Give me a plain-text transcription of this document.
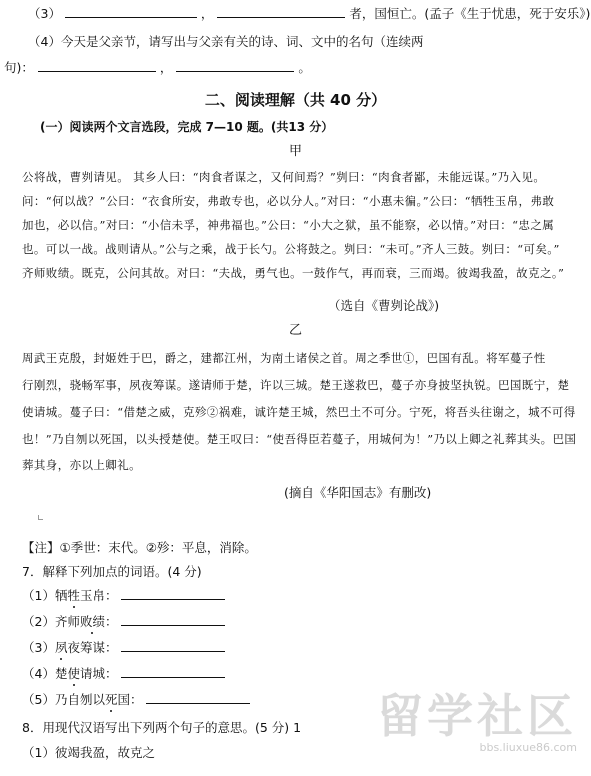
（3）	，	者，国恒亡。(孟子《生于忧患，死于安乐》)
（4）今天是父亲节，请写出与父亲有关的诗、词、文中的名句（连续两
句)：	，	。
二、阅读理解（共 40 分）
(一）阅读两个文言选段，完成 7—10 题。(共13 分）
甲
公将战，曹刿请见。 其乡人曰：“肉食者谋之，又何间焉？”刿曰：“肉食者鄙，未能远谋。”乃入见。
问：“何以战？”公曰：“衣食所安，弗敢专也，必以分人。”对曰：“小惠未徧。”公曰：“牺牲玉帛，弗敢
加也，必以信。”对曰：“小信未孚，神弗福也。”公曰：“小大之狱，虽不能察，必以情。”对曰：“忠之属
也。可以一战。战则请从。”公与之乘，战于长勺。公将鼓之。刿曰：“未可。”齐人三鼓。刿曰：“可矣。”
齐师败绩。既克，公问其故。对曰：“夫战，勇气也。一鼓作气，再而衰，三而竭。彼竭我盈，故克之。”
（选自《曹刿论战》)
乙
周武王克殷，封姬姓于巴，爵之，建都江州，为南土诸侯之首。周之季世①，巴国有乱。将军蔓子性
行刚烈，骁畅军事，夙夜筹谋。遂请师于楚，许以三城。楚王遂救巴，蔓子亦身披坚执锐。巴国既宁，楚
使请城。蔓子曰：“借楚之威，克殄②祸难，诚许楚王城，然巴土不可分。宁死，将吾头往谢之，城不可得
也！”乃自刎以死国，以头授楚使。楚王叹曰：“使吾得臣若蔓子，用城何为！”乃以上卿之礼葬其头。巴国
葬其身，亦以上卿礼。
(摘自《华阳国志》有删改)
【注】①季世：末代。②殄：平息，消除。
7．解释下列加点的词语。(4 分)
（1）牺牲玉帛：
（2）齐师败绩：
（3）夙夜筹谋：
（4）楚使请城：
（5）乃自刎以死国：
8．用现代汉语写出下列两个句子的意思。(5 分) 1
（1）彼竭我盈，故克之
留学社区
bbs.liuxue86.com
